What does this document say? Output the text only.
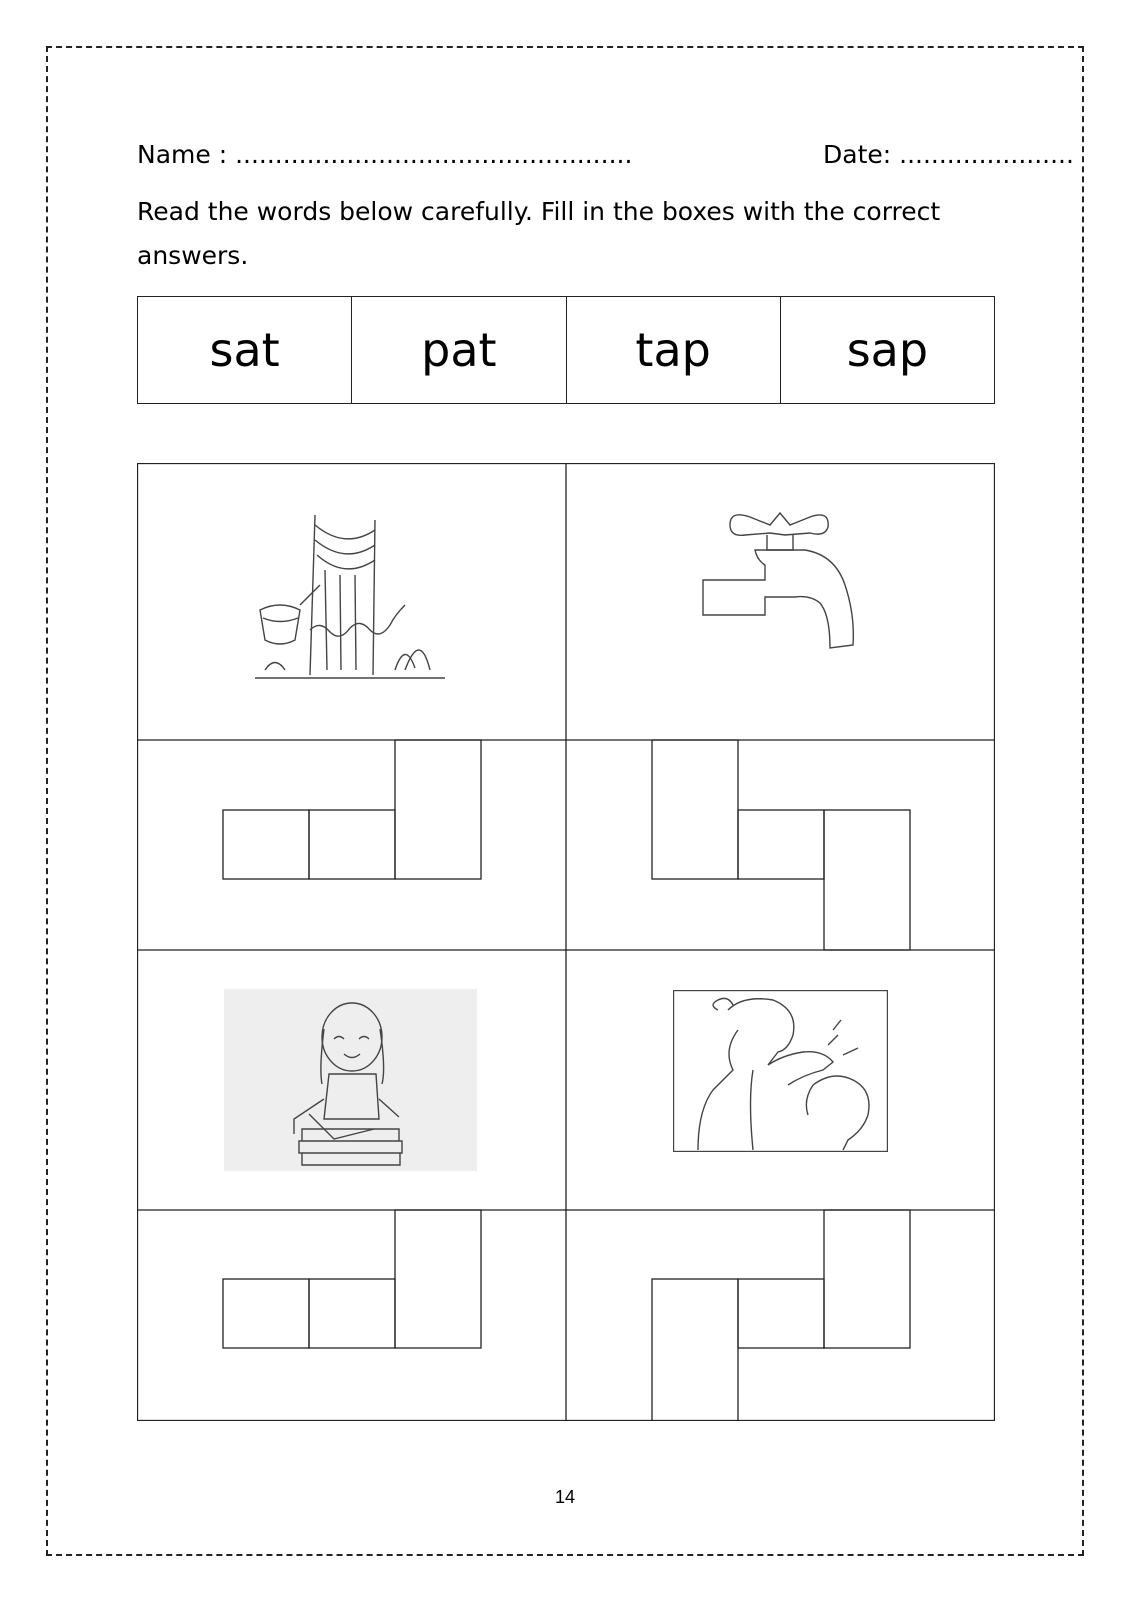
Name : ..................................................	Date: ......................
Read the words below carefully. Fill in the boxes with the correct
answers.
sat	pat	tap	sap
14
